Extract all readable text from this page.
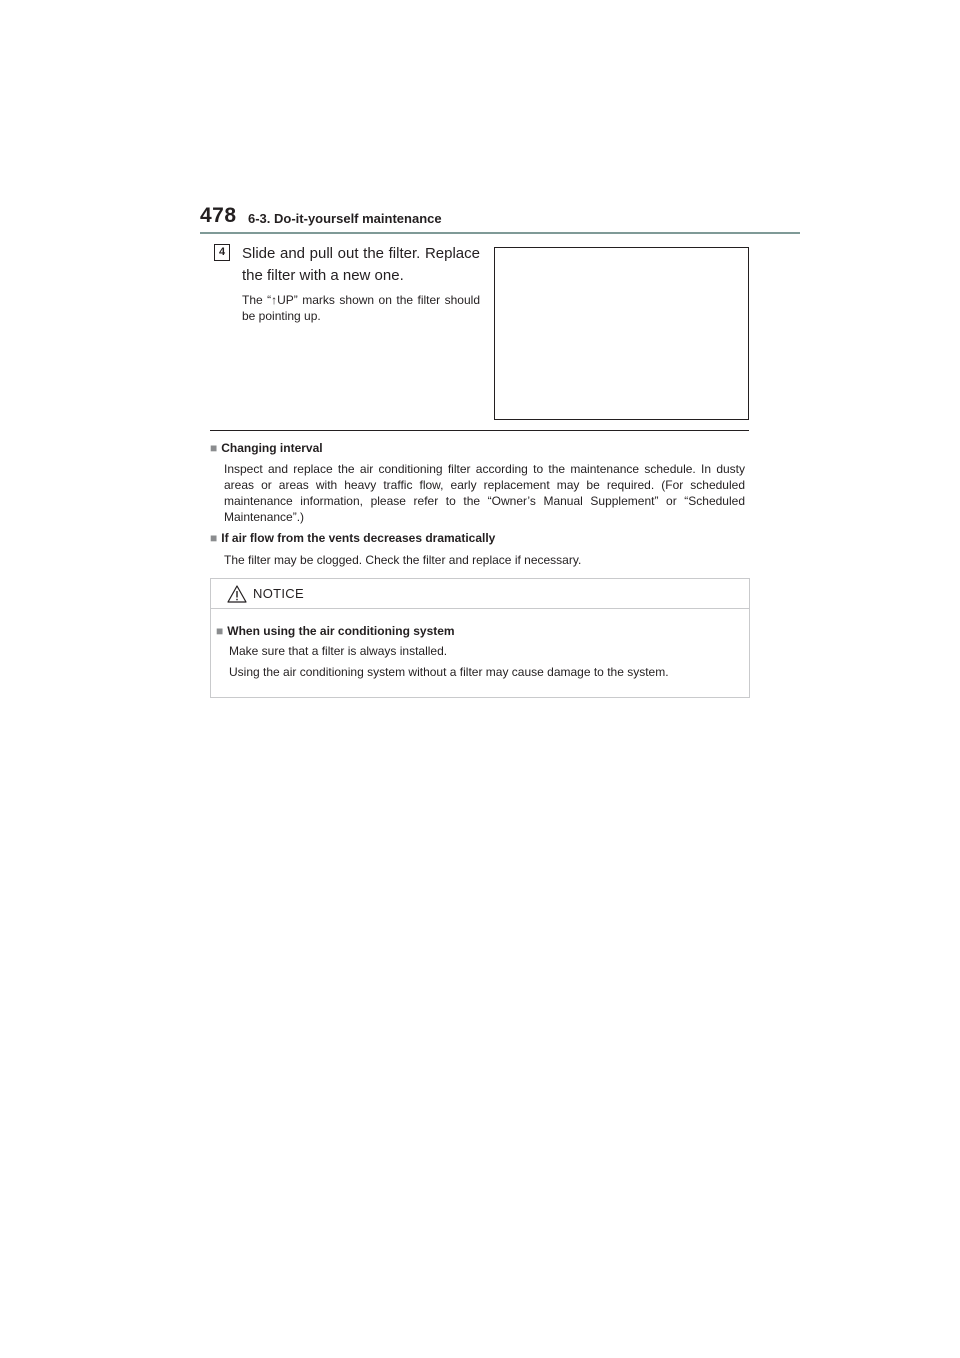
478 6-3. Do-it-yourself maintenance
4	Slide and pull out the filter. Replace the filter with a new one.
The “↑UP” marks shown on the filter should be pointing up.
■ Changing interval
Inspect and replace the air conditioning filter according to the maintenance schedule. In dusty areas or areas with heavy traffic flow, early replacement may be required. (For scheduled maintenance information, please refer to the “Owner’s Manual Supplement” or “Scheduled Maintenance”.)
■ If air flow from the vents decreases dramatically
The filter may be clogged. Check the filter and replace if necessary.
NOTICE
■ When using the air conditioning system
Make sure that a filter is always installed.
Using the air conditioning system without a filter may cause damage to the system.
